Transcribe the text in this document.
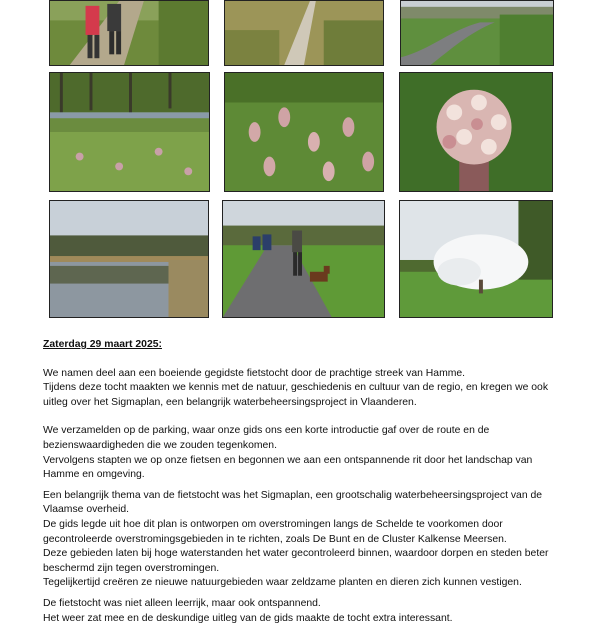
Zaterdag 29 maart 2025:
We namen deel aan een boeiende gegidste fietstocht door de prachtige streek van Hamme.
Tijdens deze tocht maakten we kennis met de natuur, geschiedenis en cultuur van de regio, en kregen we ook
uitleg over het Sigmaplan, een belangrijk waterbeheersingsproject in Vlaanderen.
We verzamelden op de parking, waar onze gids ons een korte introductie gaf over de route en de
bezienswaardigheden die we zouden tegenkomen.
Vervolgens stapten we op onze fietsen en begonnen we aan een ontspannende rit door het landschap van
Hamme en omgeving.
Een belangrijk thema van de fietstocht was het Sigmaplan, een grootschalig waterbeheersingsproject van de
Vlaamse overheid.
De gids legde uit hoe dit plan is ontworpen om overstromingen langs de Schelde te voorkomen door
gecontroleerde overstromingsgebieden in te richten, zoals De Bunt en de Cluster Kalkense Meersen.
Deze gebieden laten bij hoge waterstanden het water gecontroleerd binnen, waardoor dorpen en steden beter
beschermd zijn tegen overstromingen.
Tegelijkertijd creëren ze nieuwe natuurgebieden waar zeldzame planten en dieren zich kunnen vestigen.
De fietstocht was niet alleen leerrijk, maar ook ontspannend.
Het weer zat mee en de deskundige uitleg van de gids maakte de tocht extra interessant.
